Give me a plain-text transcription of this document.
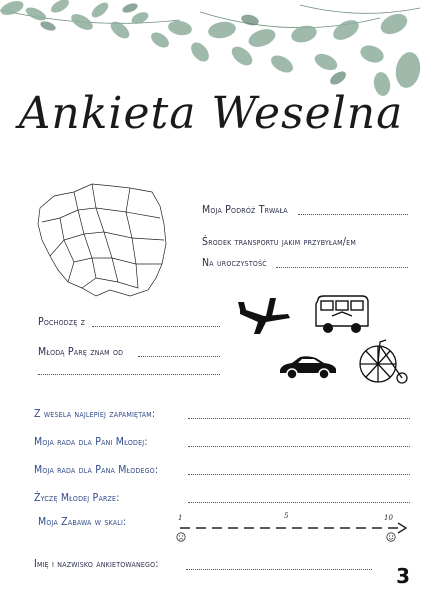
Ankieta Weselna
Moja Podróż Trwała
Środek transportu jakim przybyłam/em
Na uroczystość
Pochodzę z
Młodą Parę znam od
Z wesela najlepiej zapamiętam:
Moja rada dla Pani Młodej:
Moja rada dla Pana Młodego:
Życzę Młodej Parze:
Moja Zabawa w skali:	1	5	10
Imię i nazwisko ankietowanego:	3
